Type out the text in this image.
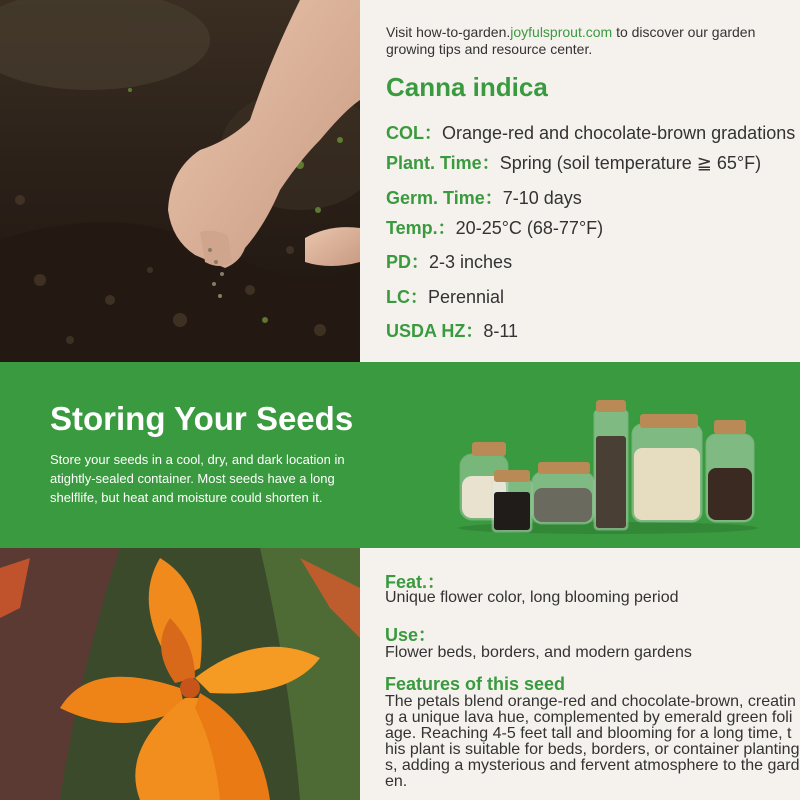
Visit how-to-garden.joyfulsprout.com to discover our garden growing tips and resource center.
Canna indica
COL：Orange-red and chocolate-brown gradations
Plant. Time：Spring (soil temperature ≧ 65°F)
Germ. Time：7-10 days
Temp.：20-25°C (68-77°F)
PD：2-3 inches
LC：Perennial
USDA HZ：8-11
Storing Your Seeds
Store your seeds in a cool, dry, and dark location in atightly-sealed container. Most seeds have a long shelflife, but heat and moisture could shorten it.
Feat.：
Unique flower color, long blooming period
Use：
Flower beds, borders, and modern gardens
Features of this seed
The petals blend orange-red and chocolate-brown, creating a unique lava hue, complemented by emerald green foliage. Reaching 4-5 feet tall and blooming for a long time, this plant is suitable for beds, borders, or container plantings, adding a mysterious and fervent atmosphere to the garden.
